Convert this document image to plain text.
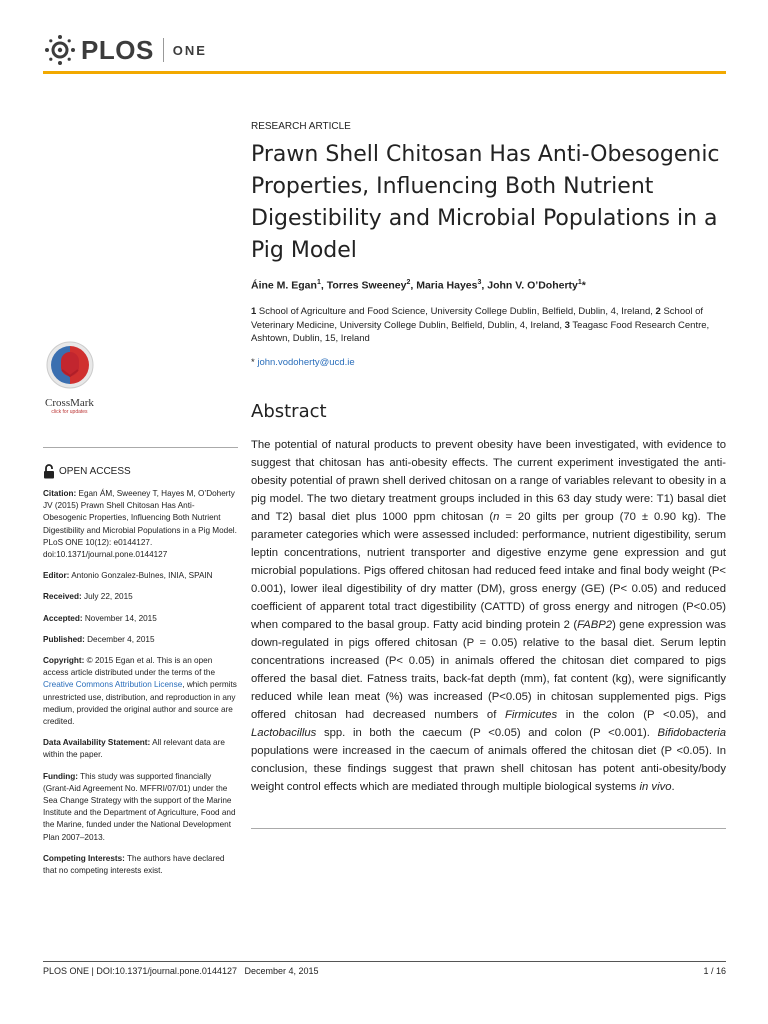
PLOS ONE
RESEARCH ARTICLE
Prawn Shell Chitosan Has Anti-Obesogenic Properties, Influencing Both Nutrient Digestibility and Microbial Populations in a Pig Model
Áine M. Egan$^1$, Torres Sweeney$^2$, Maria Hayes$^3$, John V. O’Doherty$^1$*
1 School of Agriculture and Food Science, University College Dublin, Belfield, Dublin, 4, Ireland, 2 School of Veterinary Medicine, University College Dublin, Belfield, Dublin, 4, Ireland, 3 Teagasc Food Research Centre, Ashtown, Dublin, 15, Ireland
* john.vodoherty@ucd.ie
Abstract

The potential of natural products to prevent obesity have been investigated, with evidence to suggest that chitosan has anti-obesity effects. The current experiment investigated the anti-obesity potential of prawn shell derived chitosan on a range of variables relevant to obesity in a pig model. The two dietary treatment groups included in this 63 day study were: T1) basal diet and T2) basal diet plus 1000 ppm chitosan (n = 20 gilts per group (70 ± 0.90 kg). The parameter categories which were assessed included: performance, nutrient digestibility, serum leptin concentrations, nutrient transporter and digestive enzyme gene expression and gut microbial populations. Pigs offered chitosan had reduced feed intake and final body weight (P< 0.001), lower ileal digestibility of dry matter (DM), gross energy (GE) (P< 0.05) and reduced coefficient of apparent total tract digestibility (CATTD) of gross energy and nitrogen (P<0.05) when compared to the basal group. Fatty acid binding protein 2 (FABP2) gene expression was down-regulated in pigs offered chitosan (P = 0.05) relative to the basal diet. Serum leptin concentrations increased (P< 0.05) in animals offered the chitosan diet compared to pigs offered the basal diet. Fatness traits, back-fat depth (mm), fat content (kg), were significantly reduced while lean meat (%) was increased (P<0.05) in chitosan supplemented pigs. Pigs offered chitosan had decreased numbers of Firmicutes in the colon (P <0.05), and Lactobacillus spp. in both the caecum (P <0.05) and colon (P <0.001). Bifidobacteria populations were increased in the caecum of animals offered the chitosan diet (P <0.05). In conclusion, these findings suggest that prawn shell chitosan has potent anti-obesity/body weight control effects which are mediated through multiple biological systems in vivo.

CrossMark
click for updates
OPEN ACCESS

Citation: Egan ÁM, Sweeney T, Hayes M, O’Doherty JV (2015) Prawn Shell Chitosan Has Anti-Obesogenic Properties, Influencing Both Nutrient Digestibility and Microbial Populations in a Pig Model. PLoS ONE 10(12): e0144127. doi:10.1371/journal.pone.0144127

Editor: Antonio Gonzalez-Bulnes, INIA, SPAIN

Received: July 22, 2015

Accepted: November 14, 2015

Published: December 4, 2015

Copyright: © 2015 Egan et al. This is an open access article distributed under the terms of the Creative Commons Attribution License, which permits unrestricted use, distribution, and reproduction in any medium, provided the original author and source are credited.

Data Availability Statement: All relevant data are within the paper.

Funding: This study was supported financially (Grant-Aid Agreement No. MFFRI/07/01) under the Sea Change Strategy with the support of the Marine Institute and the Department of Agriculture, Food and the Marine, funded under the National Development Plan 2007–2013.

Competing Interests: The authors have declared that no competing interests exist.

PLOS ONE | DOI:10.1371/journal.pone.0144127 December 4, 2015	1 / 16
